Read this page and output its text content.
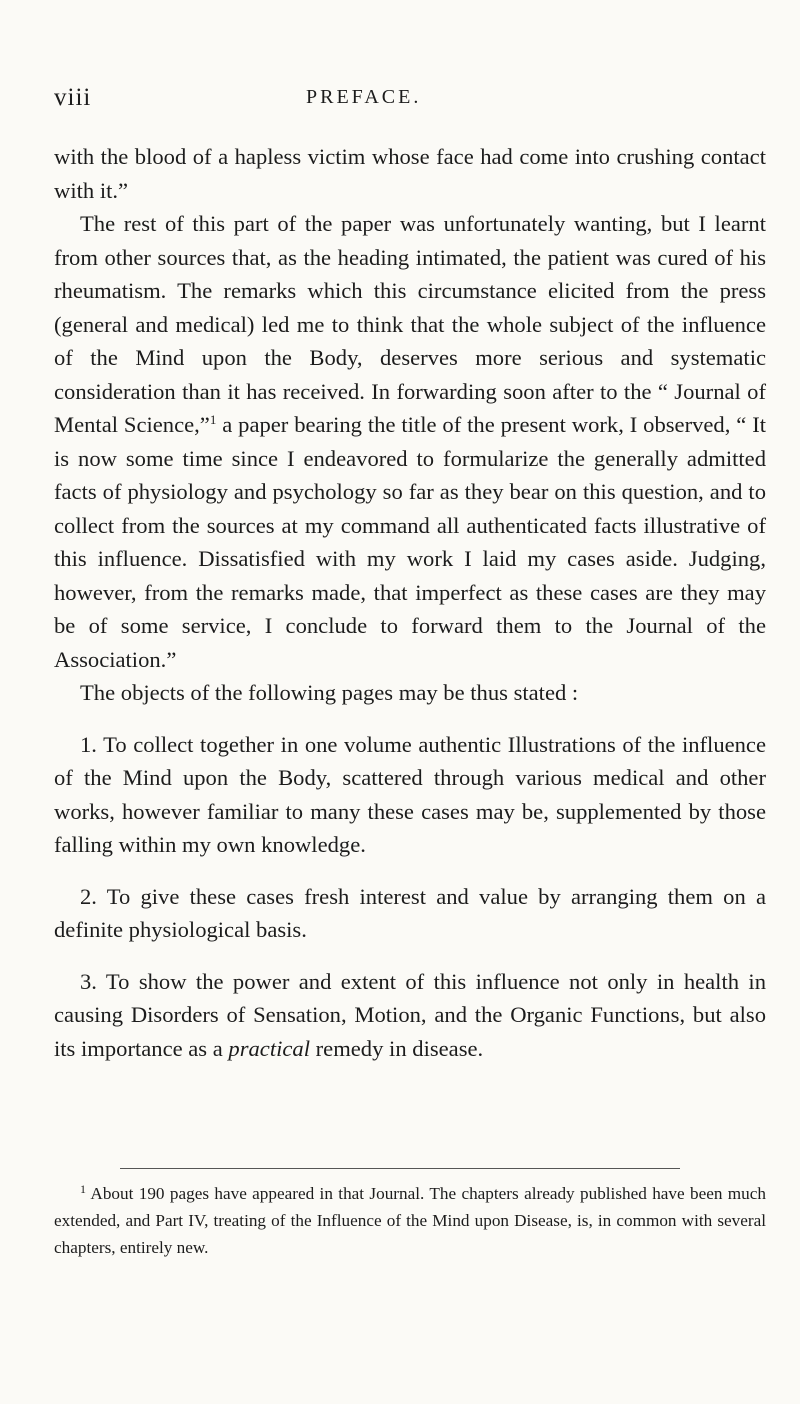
viii	PREFACE.

with the blood of a hapless victim whose face had come into crushing contact with it.”

The rest of this part of the paper was unfortunately wanting, but I learnt from other sources that, as the heading intimated, the patient was cured of his rheumatism. The remarks which this circumstance elicited from the press (general and medical) led me to think that the whole subject of the influence of the Mind upon the Body, deserves more serious and systematic consideration than it has received. In forwarding soon after to the “ Journal of Mental Science,”$^1$ a paper bearing the title of the present work, I observed, “ It is now some time since I endeavored to formularize the generally admitted facts of physiology and psychology so far as they bear on this question, and to collect from the sources at my command all authenticated facts illustrative of this influence. Dissatisfied with my work I laid my cases aside. Judging, however, from the remarks made, that imperfect as these cases are they may be of some service, I conclude to forward them to the Journal of the Association.”

The objects of the following pages may be thus stated :

1. To collect together in one volume authentic Illustrations of the influence of the Mind upon the Body, scattered through various medical and other works, however familiar to many these cases may be, supplemented by those falling within my own knowledge.

2. To give these cases fresh interest and value by arranging them on a definite physiological basis.

3. To show the power and extent of this influence not only in health in causing Disorders of Sensation, Motion, and the Organic Functions, but also its importance as a practical remedy in disease.

$^1$ About 190 pages have appeared in that Journal. The chapters already published have been much extended, and Part IV, treating of the Influence of the Mind upon Disease, is, in common with several chapters, entirely new.
